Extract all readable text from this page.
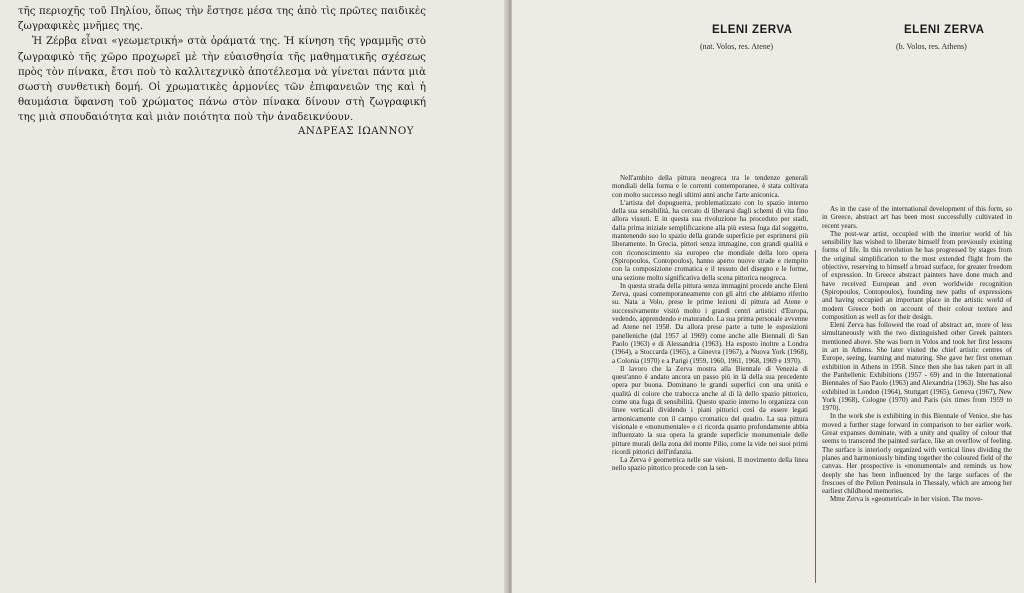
τῆς περιοχῆς τοῦ Πηλίου, ὅπως τὴν ἔστησε μέσα της ἀπὸ τὶς πρῶτες παιδικὲς ζωγραφικὲς μνῆμες της.

Ἡ Ζέρβα εἶναι «γεωμετρική» στὰ ὁράματά της. Ἡ κίνηση τῆς γραμμῆς στὸ ζωγραφικὸ τῆς χῶρο προχωρεῖ μὲ τὴν εὐαισθησία τῆς μαθηματικῆς σχέσεως πρὸς τὸν πίνακα, ἔτσι ποὺ τὸ καλλιτεχνικὸ ἀποτέλεσμα νὰ γίνεται πάντα μιὰ σωστὴ συνθετικὴ δομή. Οἱ χρωματικὲς ἁρμονίες τῶν ἐπιφανειῶν της καὶ ἡ θαυμάσια ὕφανση τοῦ χρώματος πάνω στὸν πίνακα δίνουν στὴ ζωγραφική της μιὰ σπουδαιότητα καὶ μιὰν ποιότητα ποὺ τὴν ἀναδεικνύουν.

ΑΝΔΡΕΑΣ ΙΩΑΝΝΟΥ
ELENI ZERVA
(nat. Volos, res. Atene)
ELENI ZERVA
(b. Volos, res. Athens)

Nell'ambito della pittura neogreca tra le tendenze generali mondiali della forma e le correnti contemporanee, è stata coltivata con molto successo negli ultimi anni anche l'arte aniconica.

L'artista del dopoguerra, problematizzato con lo spazio interno della sua sensibilità, ha cercato di liberarsi dagli schemi di vita fino allora vissuti. E in questa sua rivoluzione ha proceduto per stadi, dalla prima iniziale semplificazione alla più estesa fuga dal soggetto, mantenendo suo lo spazio della grande superficie per esprimersi più liberamente. In Grecia, pittori senza immagine, con grandi qualità e con riconoscimento sia europeo che mondiale della loro opera (Spiropoulos, Contopoulos), hanno aperto nuove strade e riempito con la composizione cromatica e il tessuto del disegno e le forme, una sezione molto significativa della scena pittorica neogreca.

In questa strada della pittura senza immagini procede anche Eleni Zerva, quasi contemporaneamente con gli altri che abbiamo riferito su. Nata a Volo, prese le prime lezioni di pittura ad Atene e successivamente visitò molto i grandi centri artistici d'Europa, vedendo, apprendendo e maturando. La sua prima personale avvenne ad Atene nel 1958. Da allora prese parte a tutte le esposizioni panelleniche (dal 1957 al 1969) come anche alle Biennali di San Paolo (1963) e di Alessandria (1963). Ha esposto inoltre a Londra (1964), a Stoccarda (1965), a Ginevra (1967), a Nuova York (1968), a Colonia (1970) e a Parigi (1959, 1960, 1961, 1968, 1969 e 1970).

Il lavoro che la Zerva mostra alla Biennale di Venezia di quest'anno è andato ancora un passo più in là della sua precedente opera pur buona. Dominano le grandi superfici con una unità e qualità di colore che trabocca anche al di là dello spazio pittorico, come una fuga di sensibilità. Questo spazio interno lo organizza con linee verticali dividendo i piani pittorici così da essere legati armonicamente con il campo cromatico del quadro. La sua pittura visionale e «monumentale» e ci ricorda quanto profondamente abbia influenzato la sua opera la grande superficie monumentale delle pitture murali della zona del monte Pilio, come la vide nei suoi primi ricordi pittorici dell'infanzia.

La Zerva è geometrica nelle sue visioni. Il movimento della linea nello spazio pittorico procede con la sen-

As in the case of the international development of this form, so in Greece, abstract art has been most successfully cultivated in recent years.

The post-war artist, occupied with the interior world of his sensibility has wished to liberate himself from previously existing forms of life. In this revolution he has progressed by stages from the original simplification to the most extended flight from the objective, reserving to himself a broad surface, for greater freedom of expression. In Greece abstract painters have done much and have received European and even worldwide recognition (Spiropoulos, Contopoulos), founding new paths of expressions and having occupied an important place in the artistic world of modern Greece both on account of their colour texture and composition as well as for their design.

Eleni Zerva has followed the road of abstract art, more of less simultaneously with the two distinguished other Greek painters mentioned above. She was born in Volos and took her first lessons in art in Athens. She later visited the chief artistic centres of Europe, seeing, learning and maturing. She gave her first oneman exhibition in Athens in 1958. Since then she has taken part in all the Panhellenic Exhibitions (1957 - 69) and in the International Biennales of Sao Paolo (1963) and Alexandria (1963). She has also exhibited in London (1964), Stuttgart (1965), Geneva (1967), New York (1968), Cologne (1970) and Paris (six times from 1959 to 1970).

In the work she is exhibiting in this Biennale of Venice, she has moved a further stage forward in comparison to her earlier work. Great expanses dominate, with a unity and quality of colour that seems to transcend the painted surface, like an overflow of feeling. The surface is interiorly organized with vertical lines dividing the planes and harmoniously binding together the coloured field of the canvas. Her prospective is «monumental» and reminds us how deeply she has been influenced by the large surfaces of the frescoes of the Pelion Peninsula in Thessaly, which are among her earliest childhood memories.

Mme Zerva is «geometrical» in her vision. The move-
